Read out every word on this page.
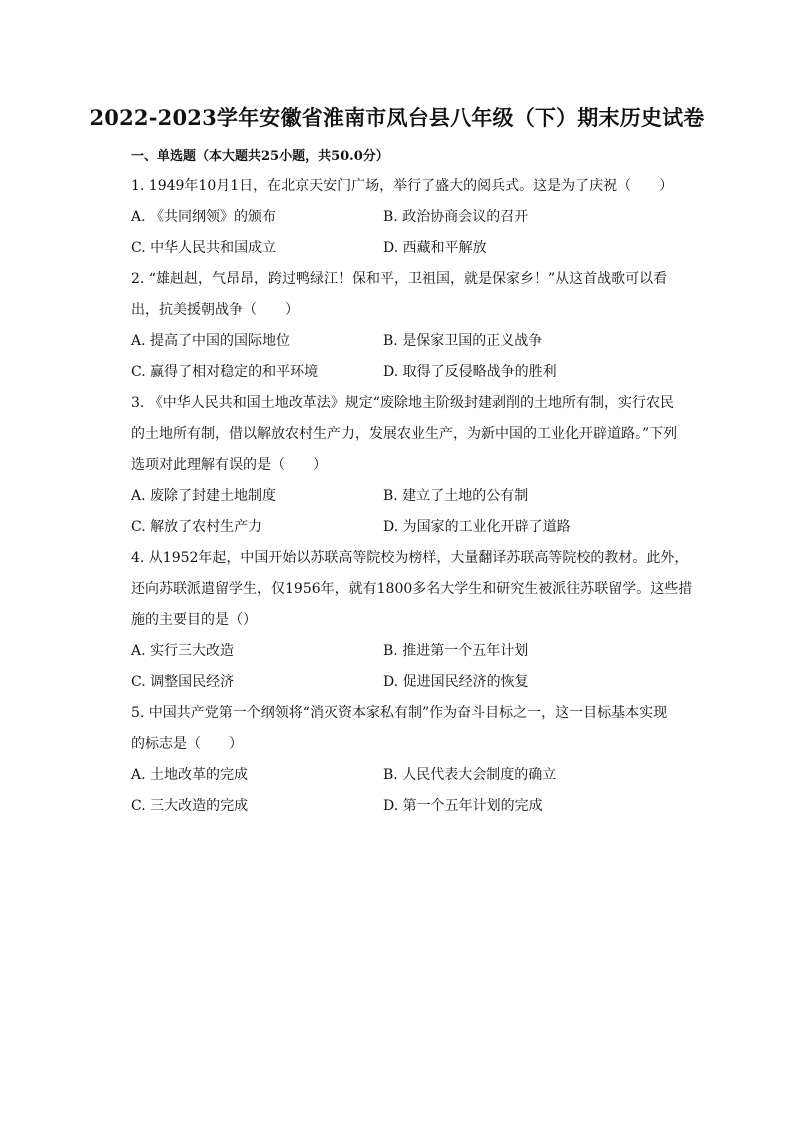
2022-2023学年安徽省淮南市凤台县八年级（下）期末历史试卷
一、单选题（本大题共25小题，共50.0分）
1. 1949年10月1日，在北京天安门广场，举行了盛大的阅兵式。这是为了庆祝（　　）
A. 《共同纲领》的颁布	B. 政治协商会议的召开
C. 中华人民共和国成立	D. 西藏和平解放
2. “雄赳赳，气昂昂，跨过鸭绿江！保和平，卫祖国，就是保家乡！”从这首战歌可以看
出，抗美援朝战争（　　）
A. 提高了中国的国际地位	B. 是保家卫国的正义战争
C. 赢得了相对稳定的和平环境	D. 取得了反侵略战争的胜利
3. 《中华人民共和国土地改革法》规定“废除地主阶级封建剥削的土地所有制，实行农民
的土地所有制，借以解放农村生产力，发展农业生产，为新中国的工业化开辟道路。”下列
选项对此理解有误的是（　　）
A. 废除了封建土地制度	B. 建立了土地的公有制
C. 解放了农村生产力	D. 为国家的工业化开辟了道路
4. 从1952年起，中国开始以苏联高等院校为榜样，大量翻译苏联高等院校的教材。此外，
还向苏联派遣留学生，仅1956年，就有1800多名大学生和研究生被派往苏联留学。这些措
施的主要目的是（）
A. 实行三大改造	B. 推进第一个五年计划
C. 调整国民经济	D. 促进国民经济的恢复
5. 中国共产党第一个纲领将“消灭资本家私有制”作为奋斗目标之一，这一目标基本实现
的标志是（　　）
A. 土地改革的完成	B. 人民代表大会制度的确立
C. 三大改造的完成	D. 第一个五年计划的完成
